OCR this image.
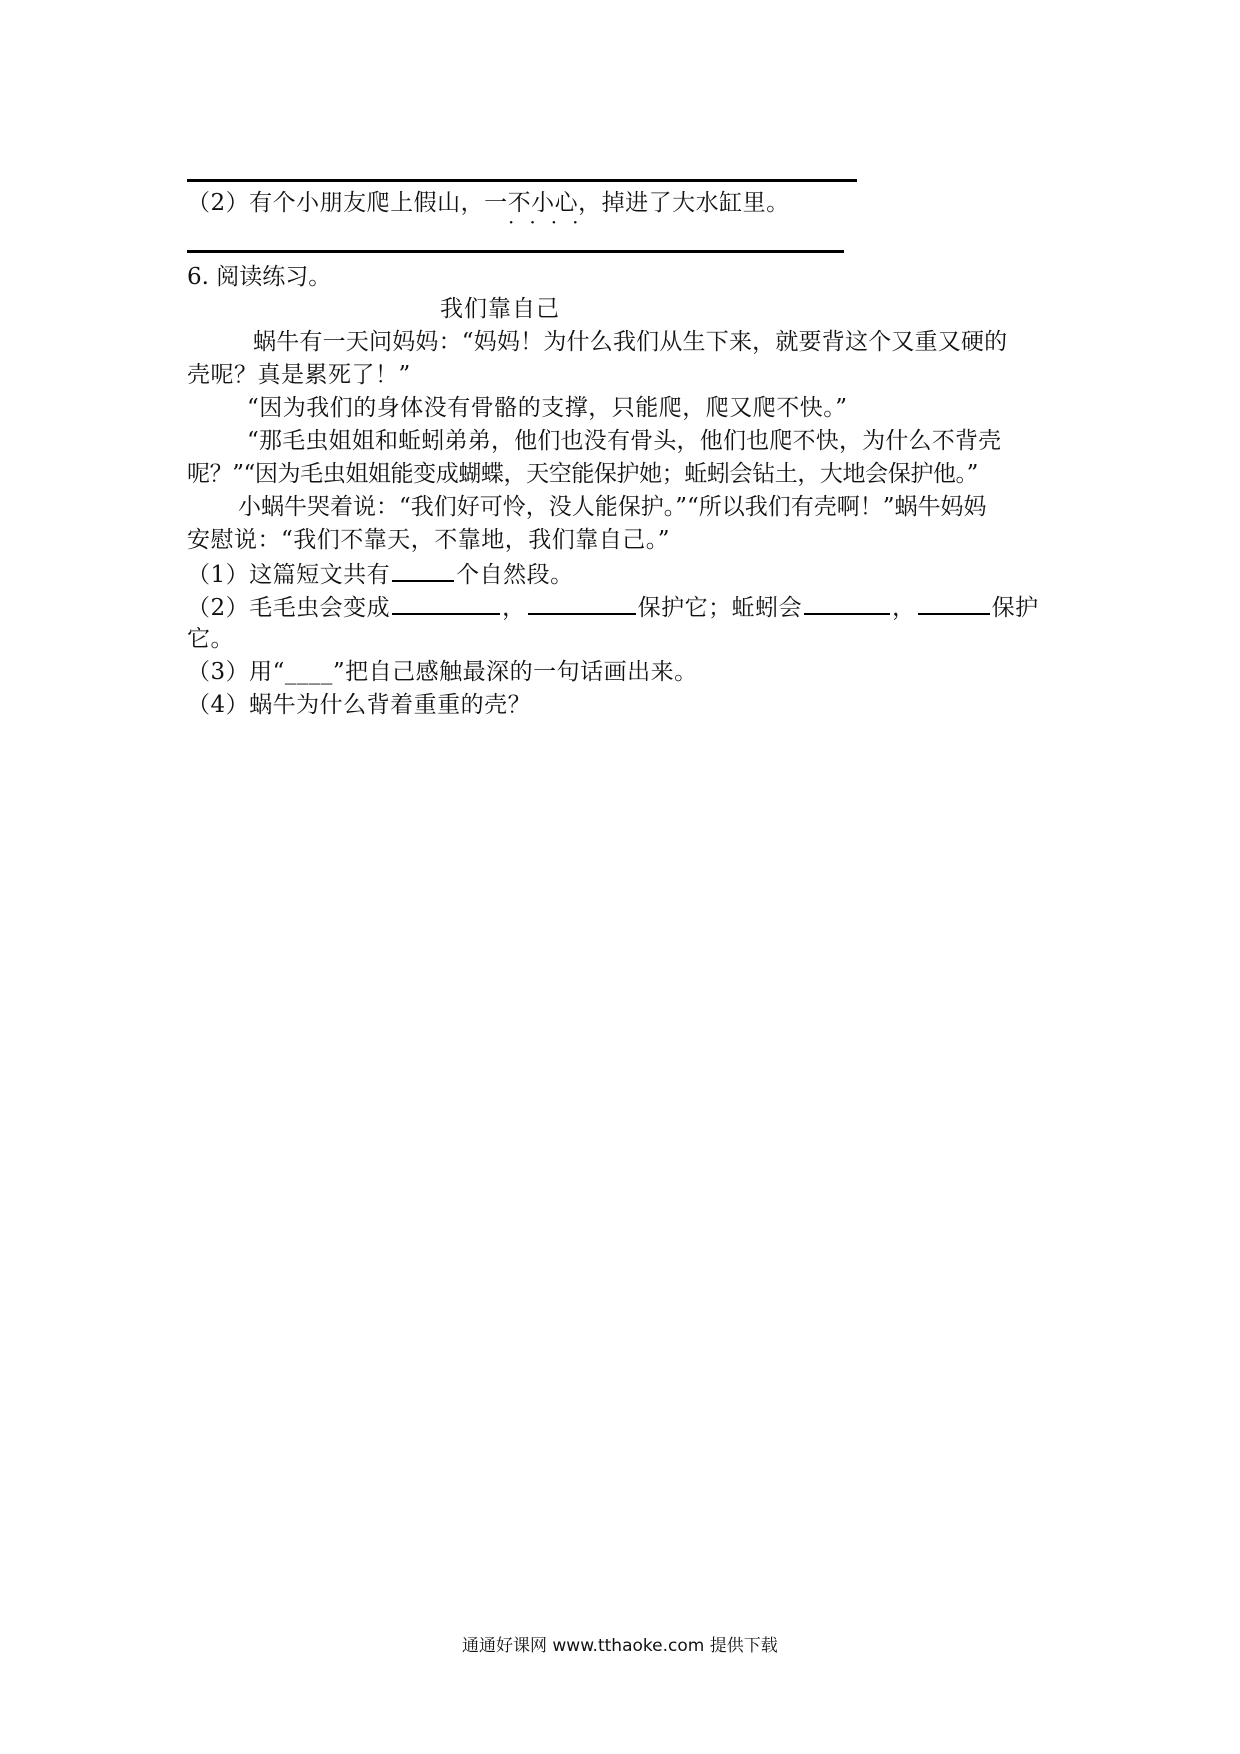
（2）有个小朋友爬上假山，一不小心，掉进了大水缸里。
····
6. 阅读练习。
我们靠自己
蜗牛有一天问妈妈：“妈妈！为什么我们从生下来，就要背这个又重又硬的
壳呢？真是累死了！”
“因为我们的身体没有骨骼的支撑，只能爬，爬又爬不快。”
“那毛虫姐姐和蚯蚓弟弟，他们也没有骨头，他们也爬不快，为什么不背壳
呢？”“因为毛虫姐姐能变成蝴蝶，天空能保护她；蚯蚓会钻土，大地会保护他。”
小蜗牛哭着说：“我们好可怜，没人能保护。”“所以我们有壳啊！”蜗牛妈妈
安慰说：“我们不靠天，不靠地，我们靠自己。”
（1）这篇短文共有	个自然段。
（2）毛毛虫会变成	，	保护它；蚯蚓会	，	保护
它。
（3）用“____”把自己感触最深的一句话画出来。
（4）蜗牛为什么背着重重的壳？
通通好课网 www.tthaoke.com 提供下载
